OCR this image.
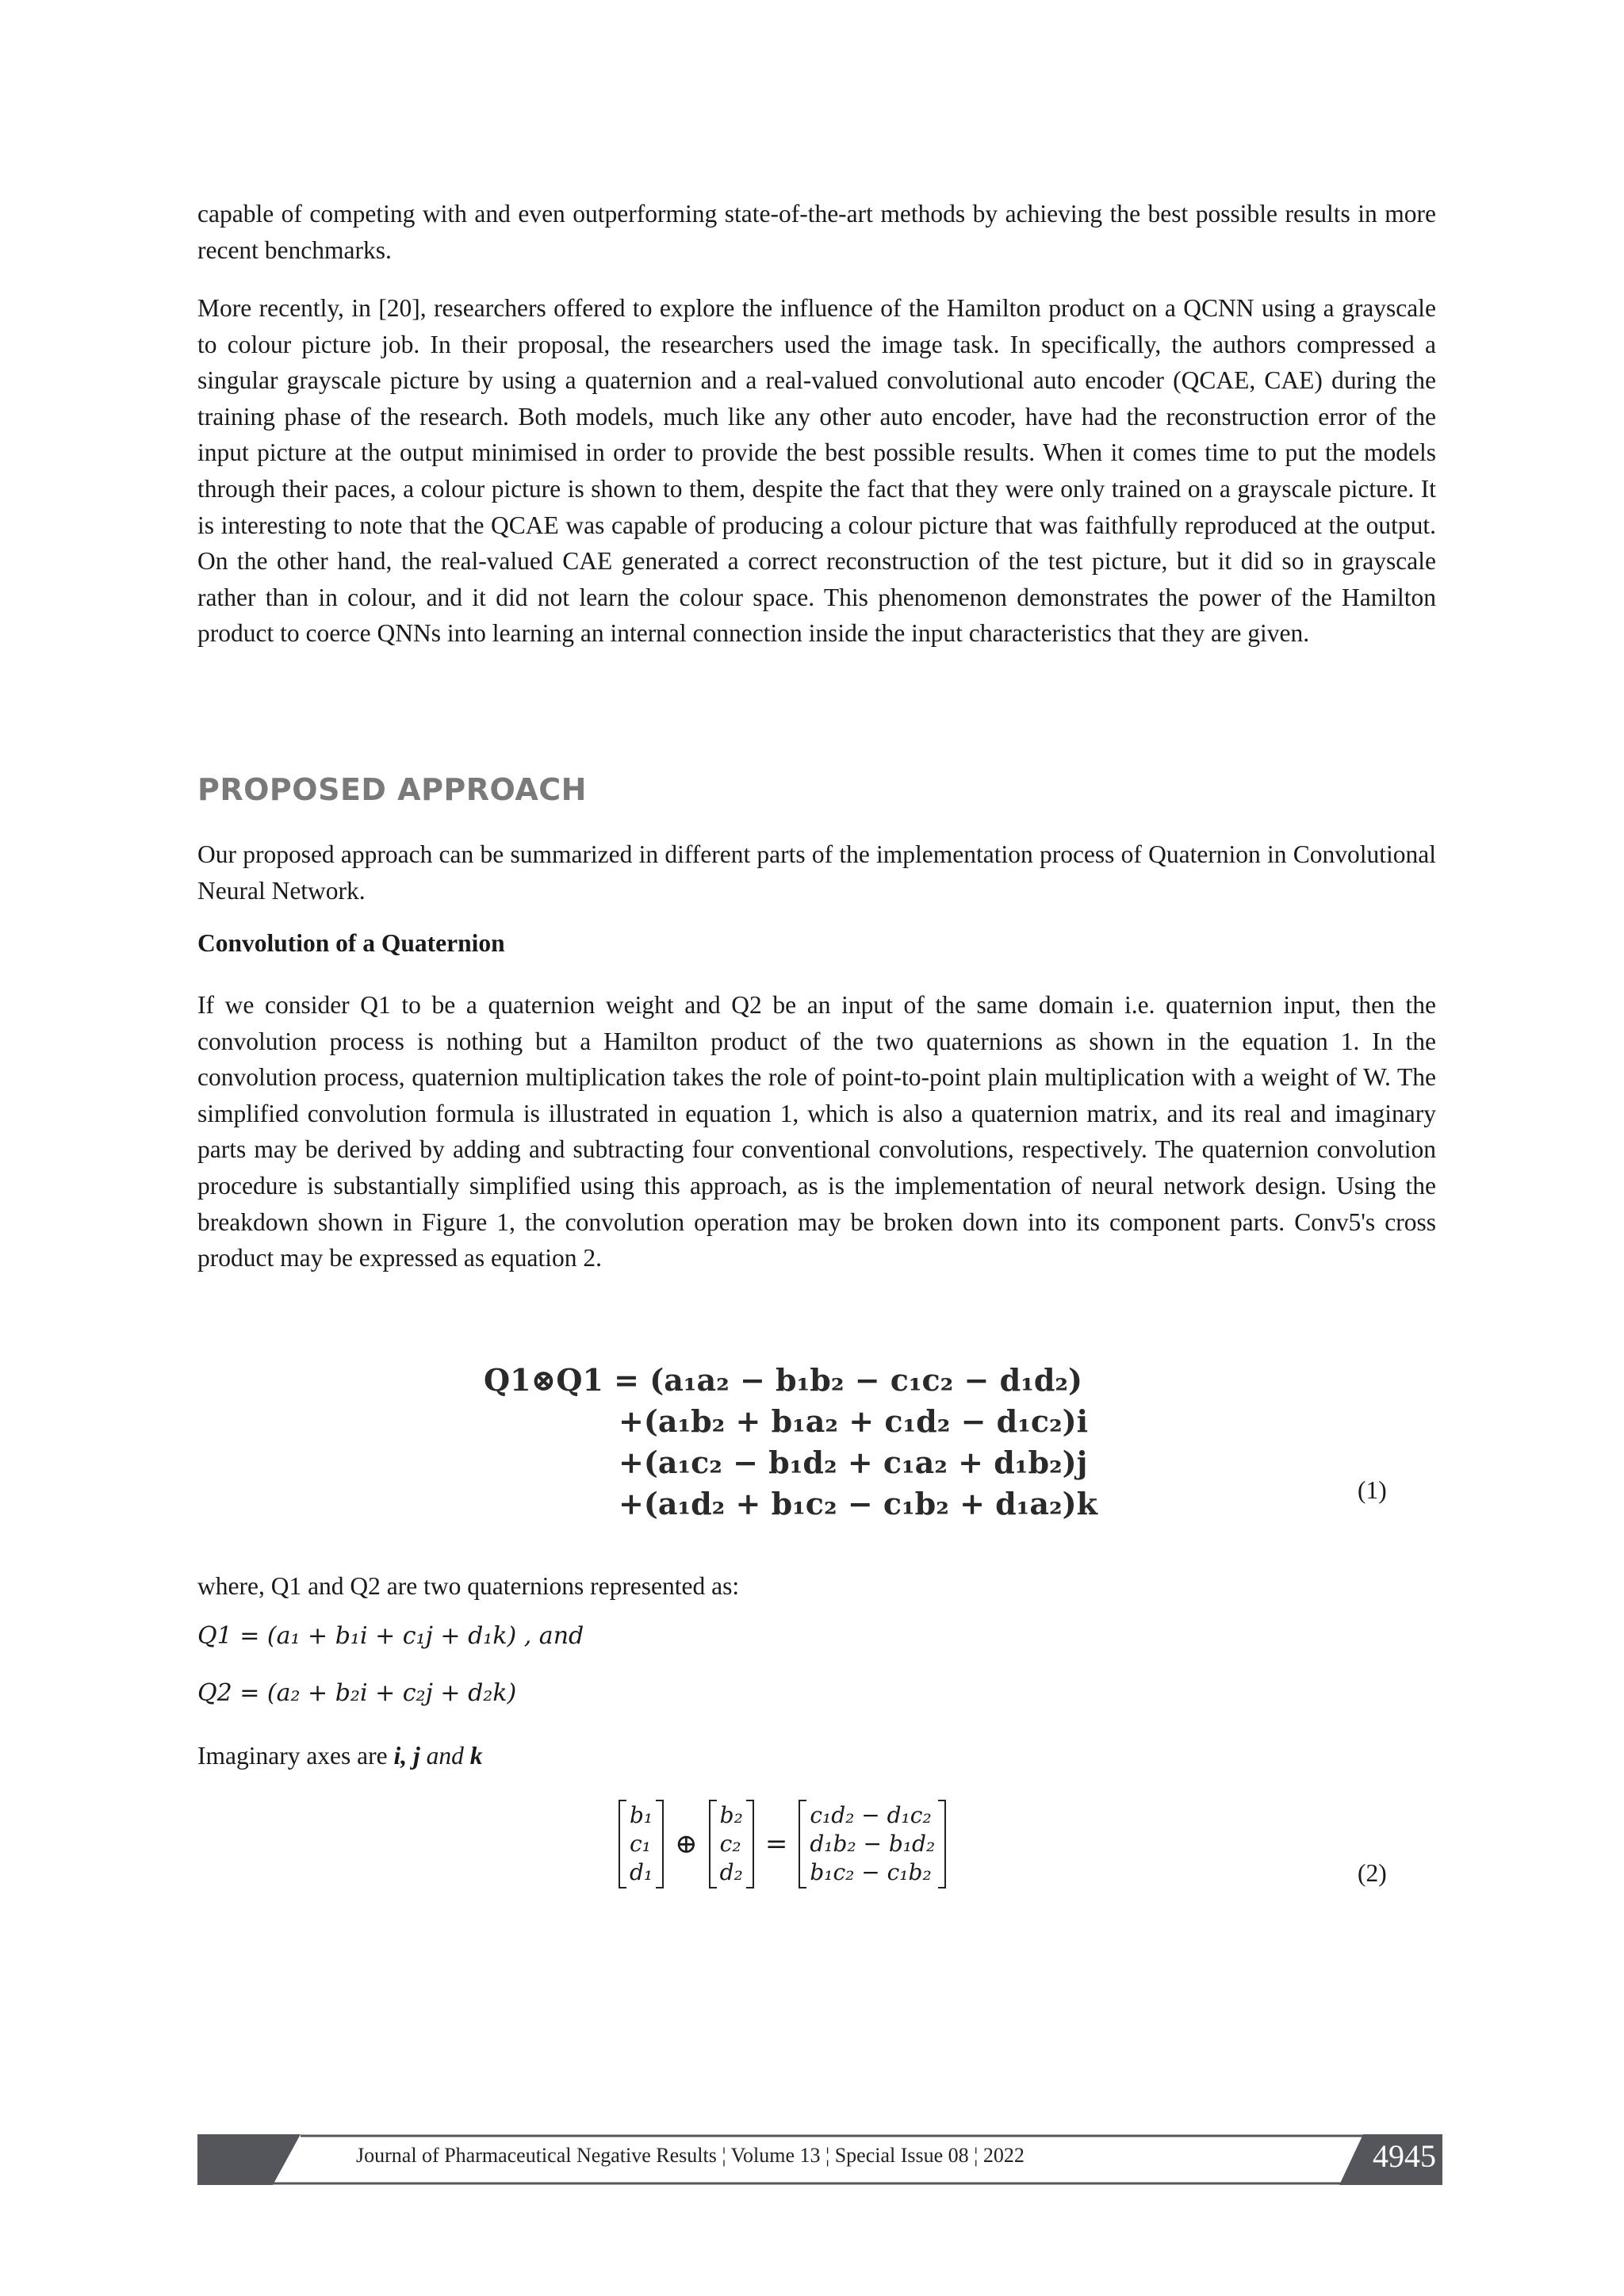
capable of competing with and even outperforming state-of-the-art methods by achieving the best possible results in more recent benchmarks.

More recently, in [20], researchers offered to explore the influence of the Hamilton product on a QCNN using a grayscale to colour picture job. In their proposal, the researchers used the image task. In specifically, the authors compressed a singular grayscale picture by using a quaternion and a real-valued convolutional auto encoder (QCAE, CAE) during the training phase of the research. Both models, much like any other auto encoder, have had the reconstruction error of the input picture at the output minimised in order to provide the best possible results. When it comes time to put the models through their paces, a colour picture is shown to them, despite the fact that they were only trained on a grayscale picture. It is interesting to note that the QCAE was capable of producing a colour picture that was faithfully reproduced at the output. On the other hand, the real-valued CAE generated a correct reconstruction of the test picture, but it did so in grayscale rather than in colour, and it did not learn the colour space. This phenomenon demonstrates the power of the Hamilton product to coerce QNNs into learning an internal connection inside the input characteristics that they are given.

PROPOSED APPROACH

Our proposed approach can be summarized in different parts of the implementation process of Quaternion in Convolutional Neural Network.

Convolution of a Quaternion

If we consider Q1 to be a quaternion weight and Q2 be an input of the same domain i.e. quaternion input, then the convolution process is nothing but a Hamilton product of the two quaternions as shown in the equation 1. In the convolution process, quaternion multiplication takes the role of point-to-point plain multiplication with a weight of W. The simplified convolution formula is illustrated in equation 1, which is also a quaternion matrix, and its real and imaginary parts may be derived by adding and subtracting four conventional convolutions, respectively. The quaternion convolution procedure is substantially simplified using this approach, as is the implementation of neural network design. Using the breakdown shown in Figure 1, the convolution operation may be broken down into its component parts. Conv5's cross product may be expressed as equation 2.

Q1⊗Q1 = (a₁a₂ − b₁b₂ − c₁c₂ − d₁d₂)
+(a₁b₂ + b₁a₂ + c₁d₂ − d₁c₂)i
+(a₁c₂ − b₁d₂ + c₁a₂ + d₁b₂)j
+(a₁d₂ + b₁c₂ − c₁b₂ + d₁a₂)k	(1)

where, Q1 and Q2 are two quaternions represented as:

Q1 = (a₁ + b₁i + c₁j + d₁k) , and
Q2 = (a₂ + b₂i + c₂j + d₂k)
Imaginary axes are i, j and k
b₁
c₁
d₁
⊕
b₂
c₂
d₂
=
c₁d₂ − d₁c₂
d₁b₂ − b₁d₂
b₁c₂ − c₁b₂	(2)
Journal of Pharmaceutical Negative Results ¦ Volume 13 ¦ Special Issue 08 ¦ 2022	4945
